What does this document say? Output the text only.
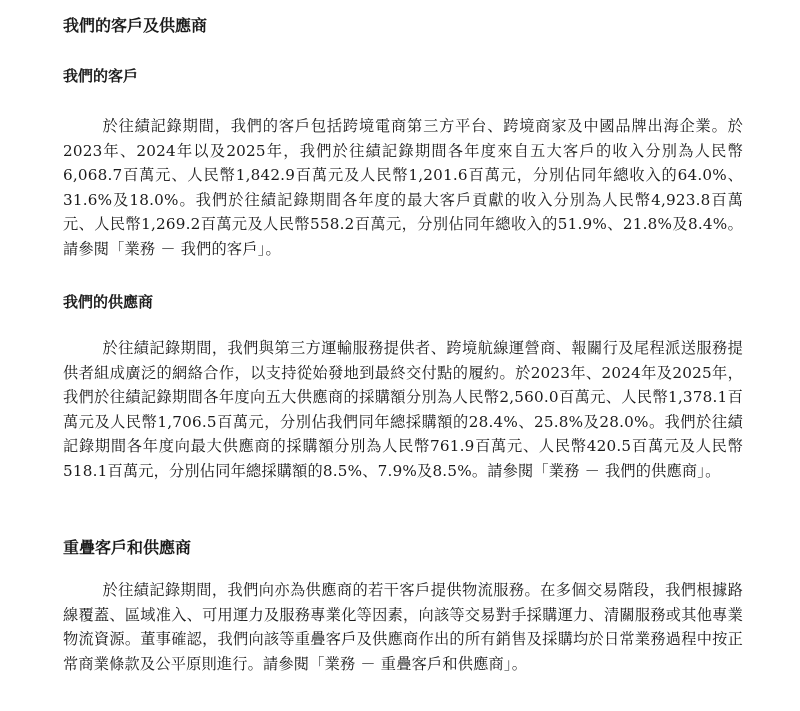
我們的客戶及供應商
我們的客戶

於往績記錄期間，我們的客戶包括跨境電商第三方平台、跨境商家及中國品牌出海企業。於2023年、2024年以及2025年，我們於往績記錄期間各年度來自五大客戶的收入分別為人民幣6,068.7百萬元、人民幣1,842.9百萬元及人民幣1,201.6百萬元，分別佔同年總收入的64.0%、31.6%及18.0%。我們於往績記錄期間各年度的最大客戶貢獻的收入分別為人民幣4,923.8百萬元、人民幣1,269.2百萬元及人民幣558.2百萬元，分別佔同年總收入的51.9%、21.8%及8.4%。請參閱「業務 － 我們的客戶」。

我們的供應商

於往績記錄期間，我們與第三方運輸服務提供者、跨境航線運營商、報關行及尾程派送服務提供者組成廣泛的網絡合作，以支持從始發地到最終交付點的履約。於2023年、2024年及2025年，我們於往績記錄期間各年度向五大供應商的採購額分別為人民幣2,560.0百萬元、人民幣1,378.1百萬元及人民幣1,706.5百萬元，分別佔我們同年總採購額的28.4%、25.8%及28.0%。我們於往績記錄期間各年度向最大供應商的採購額分別為人民幣761.9百萬元、人民幣420.5百萬元及人民幣518.1百萬元，分別佔同年總採購額的8.5%、7.9%及8.5%。請參閱「業務 － 我們的供應商」。

重疊客戶和供應商

於往績記錄期間，我們向亦為供應商的若干客戶提供物流服務。在多個交易階段，我們根據路線覆蓋、區域准入、可用運力及服務專業化等因素，向該等交易對手採購運力、清關服務或其他專業物流資源。董事確認，我們向該等重疊客戶及供應商作出的所有銷售及採購均於日常業務過程中按正常商業條款及公平原則進行。請參閱「業務 － 重疊客戶和供應商」。
